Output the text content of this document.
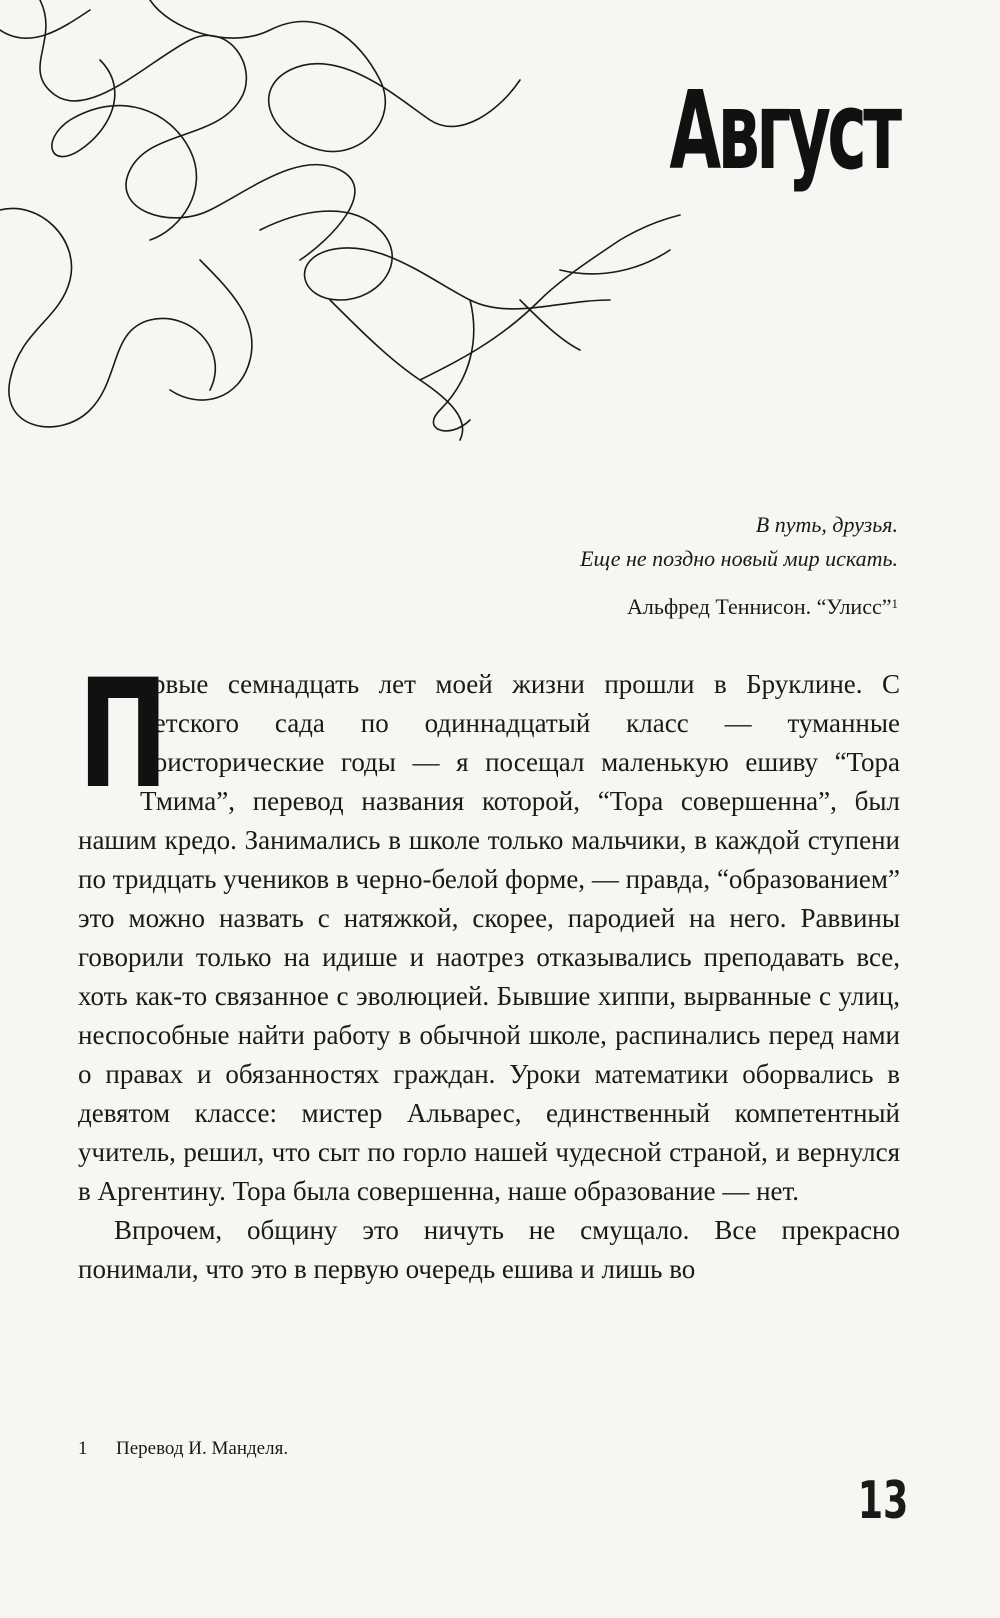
Август
В путь, друзья.
Еще не поздно новый мир искать.
Альфред Теннисон. “Улисс”$^1$

П
ервые семнадцать лет моей жизни прошли в Бруклине. С детского сада по одиннадцатый класс — туманные доисторические годы — я посещал маленькую ешиву “Тора Тмима”, перевод названия которой, “Тора совершенна”, был нашим кредо. Занимались в школе только мальчики, в каждой ступени по тридцать учеников в черно-белой форме, — правда, “образованием” это можно назвать с натяжкой, скорее, пародией на него. Раввины говорили только на идише и наотрез отказывались преподавать все, хоть как-то связанное с эволюцией. Бывшие хиппи, вырванные с улиц, неспособные найти работу в обычной школе, распинались перед нами о правах и обязанностях граждан. Уроки математики оборвались в девятом классе: мистер Альварес, единственный компетентный учитель, решил, что сыт по горло нашей чудесной страной, и вернулся в Аргентину. Тора была совершенна, наше образование — нет.

Впрочем, общину это ничуть не смущало. Все прекрасно понимали, что это в первую очередь ешива и лишь во

1 Перевод И. Манделя.
13
